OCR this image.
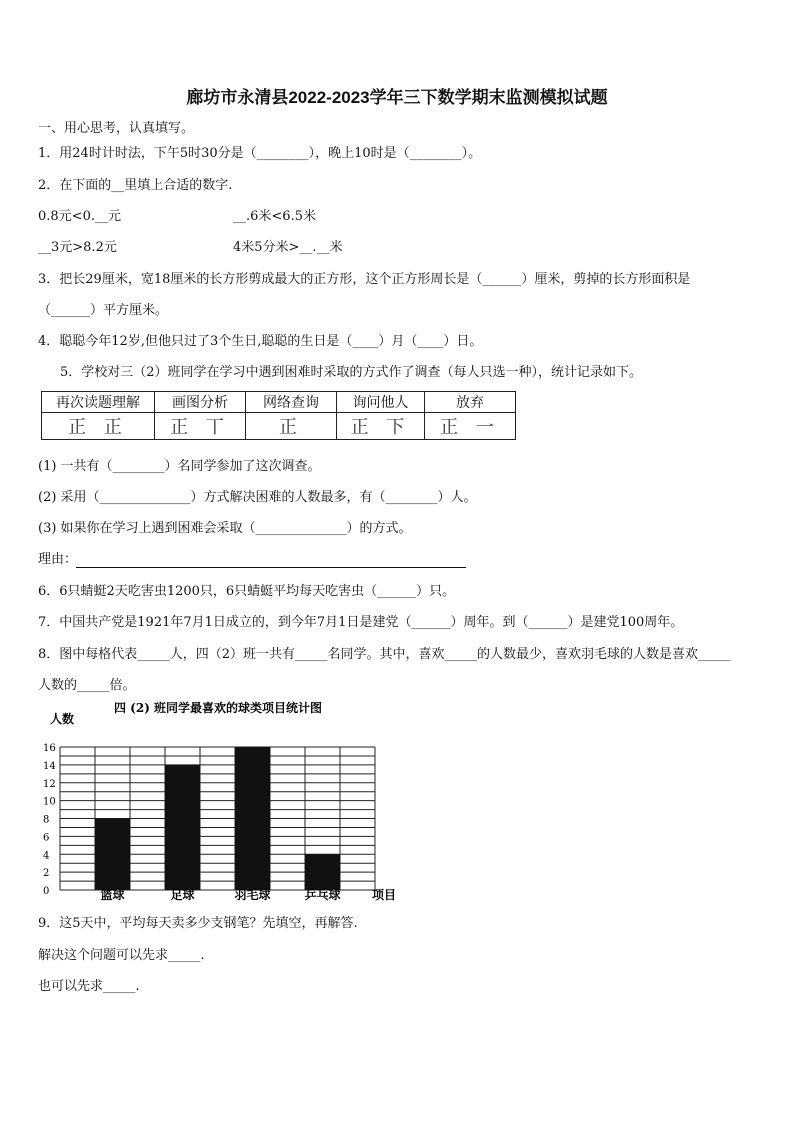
廊坊市永清县2022-2023学年三下数学期末监测模拟试题
一、用心思考，认真填写。
1．用24时计时法，下午5时30分是（________），晚上10时是（________）。
2．在下面的__里填上合适的数字.
0.8元<0.__元	__.6米<6.5米
__3元>8.2元	4米5分米>__.__米
3．把长29厘米，宽18厘米的长方形剪成最大的正方形，这个正方形周长是（______）厘米，剪掉的长方形面积是
（______）平方厘米。
4．聪聪今年12岁,但他只过了3个生日,聪聪的生日是（____）月（____）日。
5．学校对三（2）班同学在学习中遇到困难时采取的方式作了调查（每人只选一种），统计记录如下。
再次读题理解	画图分析	网络查询	询问他人	放弃
正 正	正 丅	正	正 下	正 一
(1) 一共有（________）名同学参加了这次调查。
(2) 采用（______________）方式解决困难的人数最多，有（________）人。
(3) 如果你在学习上遇到困难会采取（______________）的方式。
理由：
6．6只蜻蜓2天吃害虫1200只，6只蜻蜓平均每天吃害虫（______）只。
7．中国共产党是1921年7月1日成立的，到今年7月1日是建党（______）周年。到（______）是建党100周年。
8．图中每格代表_____人，四（2）班一共有_____名同学。其中，喜欢_____的人数最少，喜欢羽毛球的人数是喜欢_____
人数的_____倍。
四 (2) 班同学最喜欢的球类项目统计图
人数
项目
0
2
4
6
8
10
12
14
16
篮球	足球	羽毛球	乒乓球
9．这5天中，平均每天卖多少支钢笔？先填空，再解答.
解决这个问题可以先求_____.
也可以先求_____.
